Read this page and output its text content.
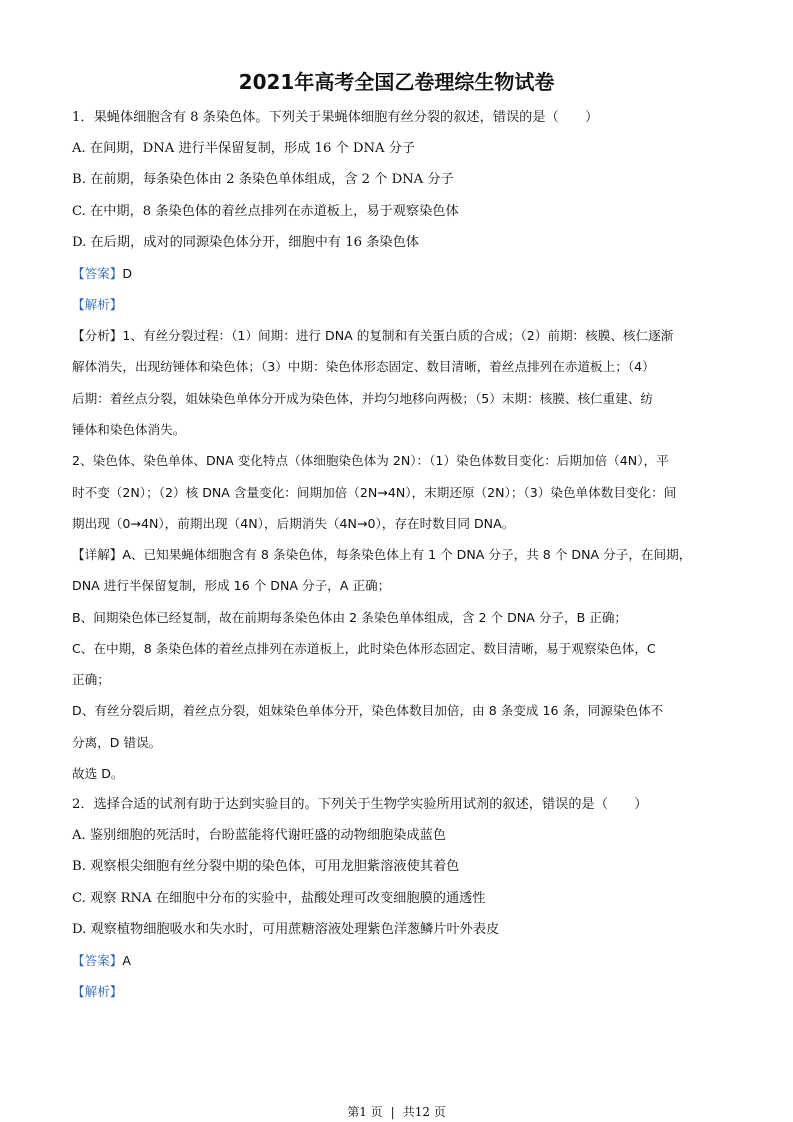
2021年高考全国乙卷理综生物试卷
1．果蝇体细胞含有 8 条染色体。下列关于果蝇体细胞有丝分裂的叙述，错误的是（　　）
A. 在间期，DNA 进行半保留复制，形成 16 个 DNA 分子
B. 在前期，每条染色体由 2 条染色单体组成，含 2 个 DNA 分子
C. 在中期，8 条染色体的着丝点排列在赤道板上，易于观察染色体
D. 在后期，成对的同源染色体分开，细胞中有 16 条染色体
【答案】D
【解析】
【分析】1、有丝分裂过程：（1）间期：进行 DNA 的复制和有关蛋白质的合成；（2）前期：核膜、核仁逐渐
解体消失，出现纺锤体和染色体；（3）中期：染色体形态固定、数目清晰，着丝点排列在赤道板上；（4）
后期：着丝点分裂，姐妹染色单体分开成为染色体，并均匀地移向两极；（5）末期：核膜、核仁重建、纺
锤体和染色体消失。
2、染色体、染色单体、DNA 变化特点（体细胞染色体为 2N）：（1）染色体数目变化：后期加倍（4N），平
时不变（2N）；（2）核 DNA 含量变化：间期加倍（2N→4N），末期还原（2N）；（3）染色单体数目变化：间
期出现（0→4N），前期出现（4N），后期消失（4N→0），存在时数目同 DNA。
【详解】A、已知果蝇体细胞含有 8 条染色体，每条染色体上有 1 个 DNA 分子，共 8 个 DNA 分子，在间期，
DNA 进行半保留复制，形成 16 个 DNA 分子，A 正确；
B、间期染色体已经复制，故在前期每条染色体由 2 条染色单体组成，含 2 个 DNA 分子，B 正确；
C、在中期，8 条染色体的着丝点排列在赤道板上，此时染色体形态固定、数目清晰，易于观察染色体，C
正确；
D、有丝分裂后期，着丝点分裂，姐妹染色单体分开，染色体数目加倍，由 8 条变成 16 条，同源染色体不
分离，D 错误。
故选 D。
2．选择合适的试剂有助于达到实验目的。下列关于生物学实验所用试剂的叙述，错误的是（　　）
A. 鉴别细胞的死活时，台盼蓝能将代谢旺盛的动物细胞染成蓝色
B. 观察根尖细胞有丝分裂中期的染色体，可用龙胆紫溶液使其着色
C. 观察 RNA 在细胞中分布的实验中，盐酸处理可改变细胞膜的通透性
D. 观察植物细胞吸水和失水时，可用蔗糖溶液处理紫色洋葱鳞片叶外表皮
【答案】A
【解析】
第1 页 | 共12 页
